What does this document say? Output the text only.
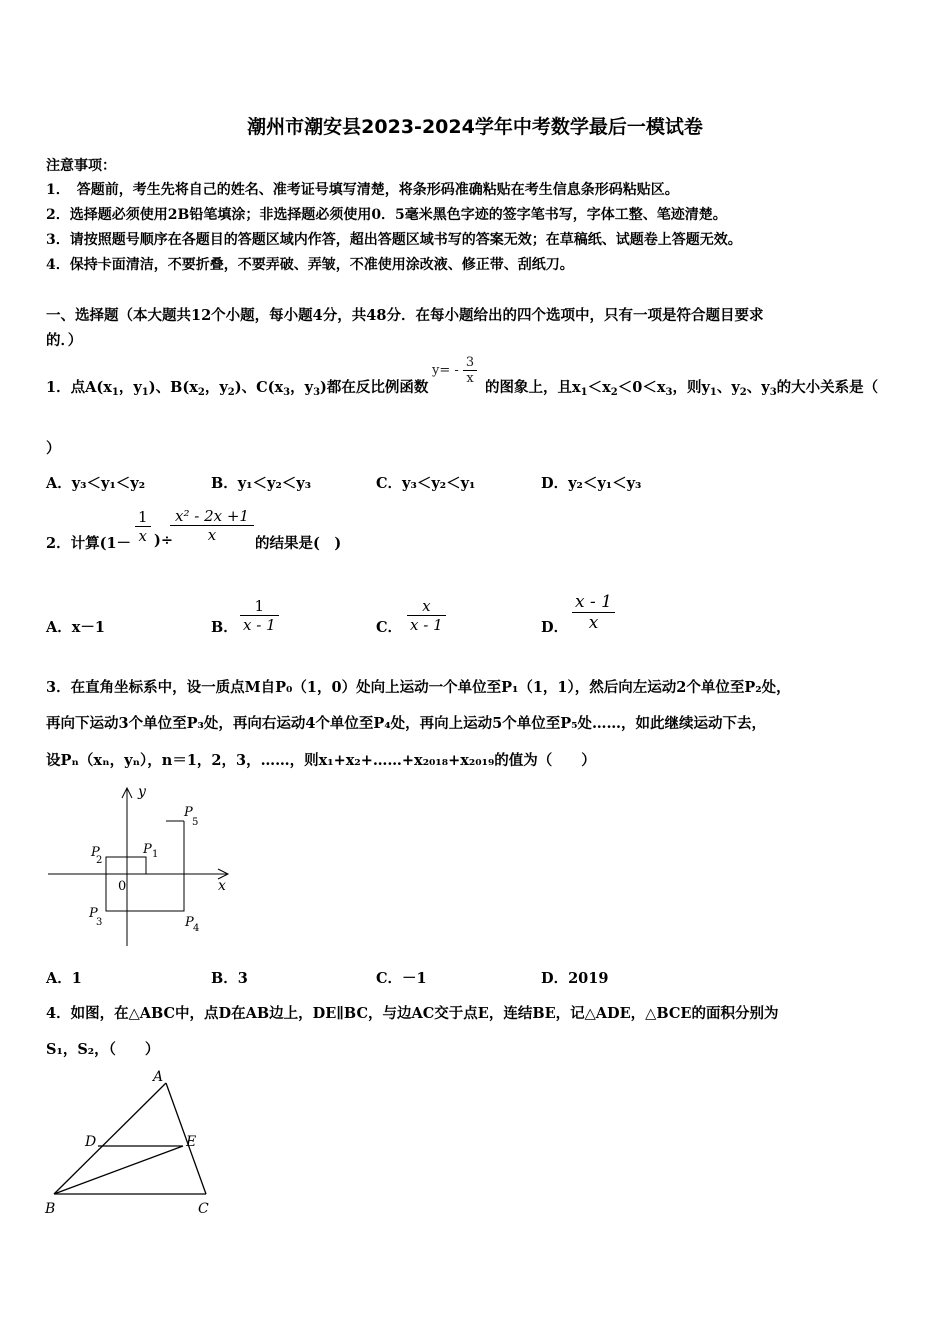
潮州市潮安县2023-2024学年中考数学最后一模试卷
注意事项：
1．　答题前，考生先将自己的姓名、准考证号填写清楚，将条形码准确粘贴在考生信息条形码粘贴区。
2．选择题必须使用2B铅笔填涂；非选择题必须使用0．5毫米黑色字迹的签字笔书写，字体工整、笔迹清楚。
3．请按照题号顺序在各题目的答题区域内作答，超出答题区域书写的答案无效；在草稿纸、试题卷上答题无效。
4．保持卡面清洁，不要折叠，不要弄破、弄皱，不准使用涂改液、修正带、刮纸刀。
一、选择题（本大题共12个小题，每小题4分，共48分．在每小题给出的四个选项中，只有一项是符合题目要求
的．）
1．点$A(x_1$，$y_1$)、$B(x_2$，$y_2$)、$C(x_3$，$y_3$)都在反比例函数
$y= - \frac{3}{x}$
的图象上，且$x_1<x_2<0<x_3$，则$y_1$、$y_2$、$y_3$的大小关系是（
）
A．y₃＜y₁＜y₂	B．y₁＜y₂＜y₃	C．y₃＜y₂＜y₁	D．y₂＜y₁＜y₃
2．计算($1- \frac{1}{x}$ )÷
$\frac{\text{x² - 2x +1}}{x}$ 的结果是(　)
A．x－1	B． $\frac{1}{x - 1}$	C． $\frac{x}{x - 1}$	D． $\frac{x - 1}{x}$
3．在直角坐标系中，设一质点M自P₀（1，0）处向上运动一个单位至P₁（1，1），然后向左运动2个单位至P₂处，
再向下运动3个单位至P₃处，再向右运动4个单位至P₄处，再向上运动5个单位至P₅处……，如此继续运动下去，
设Pₙ（xₙ，yₙ），n＝1，2，3，……，则x₁+x₂+……+x₂₀₁₈+x₂₀₁₉的值为（　　）
y
x
0
P 1
P
2
P
3	P 4
P
5
A．1	B．3	C．－1	D．2019
4．如图，在△ABC中，点D在AB边上，DE∥BC，与边AC交于点E，连结BE，记△ADE，△BCE的面积分别为
S₁，S₂，（　　）
A
B	C
D	E
